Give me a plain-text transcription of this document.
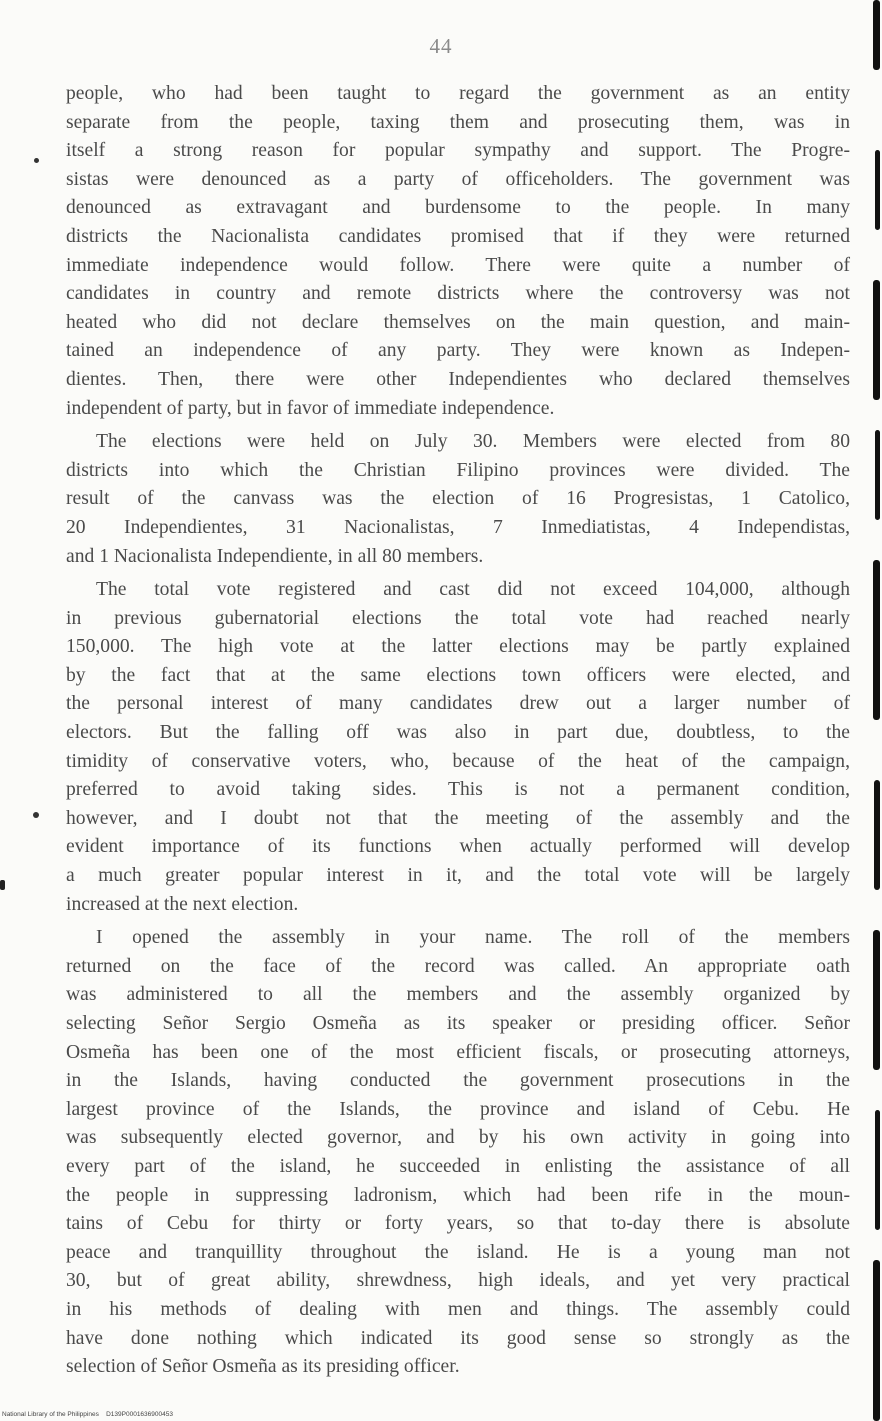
44
people, who had been taught to regard the government as an entity
separate from the people, taxing them and prosecuting them, was in
itself a strong reason for popular sympathy and support. The Progre-
sistas were denounced as a party of officeholders. The government was
denounced as extravagant and burdensome to the people. In many
districts the Nacionalista candidates promised that if they were returned
immediate independence would follow. There were quite a number of
candidates in country and remote districts where the controversy was not
heated who did not declare themselves on the main question, and main-
tained an independence of any party. They were known as Indepen-
dientes. Then, there were other Independientes who declared themselves
independent of party, but in favor of immediate independence.
The elections were held on July 30. Members were elected from 80
districts into which the Christian Filipino provinces were divided. The
result of the canvass was the election of 16 Progresistas, 1 Catolico,
20 Independientes, 31 Nacionalistas, 7 Inmediatistas, 4 Independistas,
and 1 Nacionalista Independiente, in all 80 members.
The total vote registered and cast did not exceed 104,000, although
in previous gubernatorial elections the total vote had reached nearly
150,000. The high vote at the latter elections may be partly explained
by the fact that at the same elections town officers were elected, and
the personal interest of many candidates drew out a larger number of
electors. But the falling off was also in part due, doubtless, to the
timidity of conservative voters, who, because of the heat of the campaign,
preferred to avoid taking sides. This is not a permanent condition,
however, and I doubt not that the meeting of the assembly and the
evident importance of its functions when actually performed will develop
a much greater popular interest in it, and the total vote will be largely
increased at the next election.
I opened the assembly in your name. The roll of the members
returned on the face of the record was called. An appropriate oath
was administered to all the members and the assembly organized by
selecting Señor Sergio Osmeña as its speaker or presiding officer. Señor
Osmeña has been one of the most efficient fiscals, or prosecuting attorneys,
in the Islands, having conducted the government prosecutions in the
largest province of the Islands, the province and island of Cebu. He
was subsequently elected governor, and by his own activity in going into
every part of the island, he succeeded in enlisting the assistance of all
the people in suppressing ladronism, which had been rife in the moun-
tains of Cebu for thirty or forty years, so that to-day there is absolute
peace and tranquillity throughout the island. He is a young man not
30, but of great ability, shrewdness, high ideals, and yet very practical
in his methods of dealing with men and things. The assembly could
have done nothing which indicated its good sense so strongly as the
selection of Señor Osmeña as its presiding officer.
National Library of the Philippines D139P0001636900453
